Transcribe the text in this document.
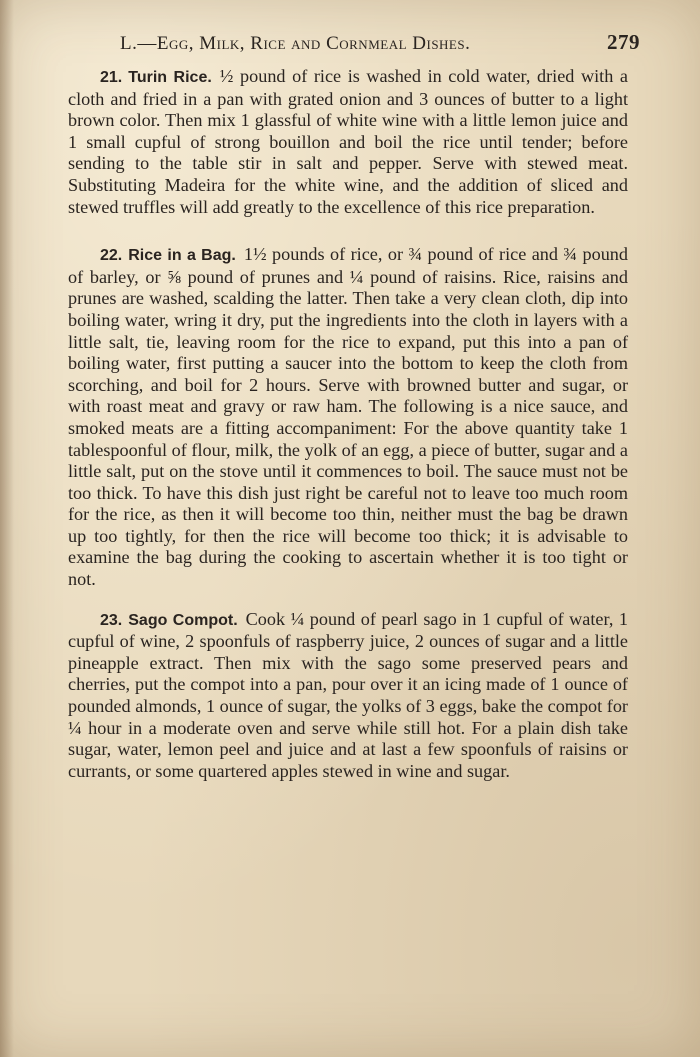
L.—Egg, Milk, Rice and Cornmeal Dishes.	279

21. Turin Rice. ½ pound of rice is washed in cold water, dried with a cloth and fried in a pan with grated onion and 3 ounces of butter to a light brown color. Then mix 1 glassful of white wine with a little lemon juice and 1 small cupful of strong bouillon and boil the rice until tender; before sending to the table stir in salt and pepper. Serve with stewed meat. Substituting Madeira for the white wine, and the addition of sliced and stewed truffles will add greatly to the excellence of this rice preparation.

22. Rice in a Bag. 1½ pounds of rice, or ¾ pound of rice and ¾ pound of barley, or ⅝ pound of prunes and ¼ pound of raisins. Rice, raisins and prunes are washed, scalding the latter. Then take a very clean cloth, dip into boiling water, wring it dry, put the ingredients into the cloth in layers with a little salt, tie, leaving room for the rice to expand, put this into a pan of boiling water, first putting a saucer into the bottom to keep the cloth from scorching, and boil for 2 hours. Serve with browned butter and sugar, or with roast meat and gravy or raw ham. The following is a nice sauce, and smoked meats are a fitting accompaniment: For the above quantity take 1 tablespoonful of flour, milk, the yolk of an egg, a piece of butter, sugar and a little salt, put on the stove until it commences to boil. The sauce must not be too thick. To have this dish just right be careful not to leave too much room for the rice, as then it will become too thin, neither must the bag be drawn up too tightly, for then the rice will become too thick; it is advisable to examine the bag during the cooking to ascertain whether it is too tight or not.

23. Sago Compot. Cook ¼ pound of pearl sago in 1 cupful of water, 1 cupful of wine, 2 spoonfuls of raspberry juice, 2 ounces of sugar and a little pineapple extract. Then mix with the sago some preserved pears and cherries, put the compot into a pan, pour over it an icing made of 1 ounce of pounded almonds, 1 ounce of sugar, the yolks of 3 eggs, bake the compot for ¼ hour in a moderate oven and serve while still hot. For a plain dish take sugar, water, lemon peel and juice and at last a few spoonfuls of raisins or currants, or some quartered apples stewed in wine and sugar.
